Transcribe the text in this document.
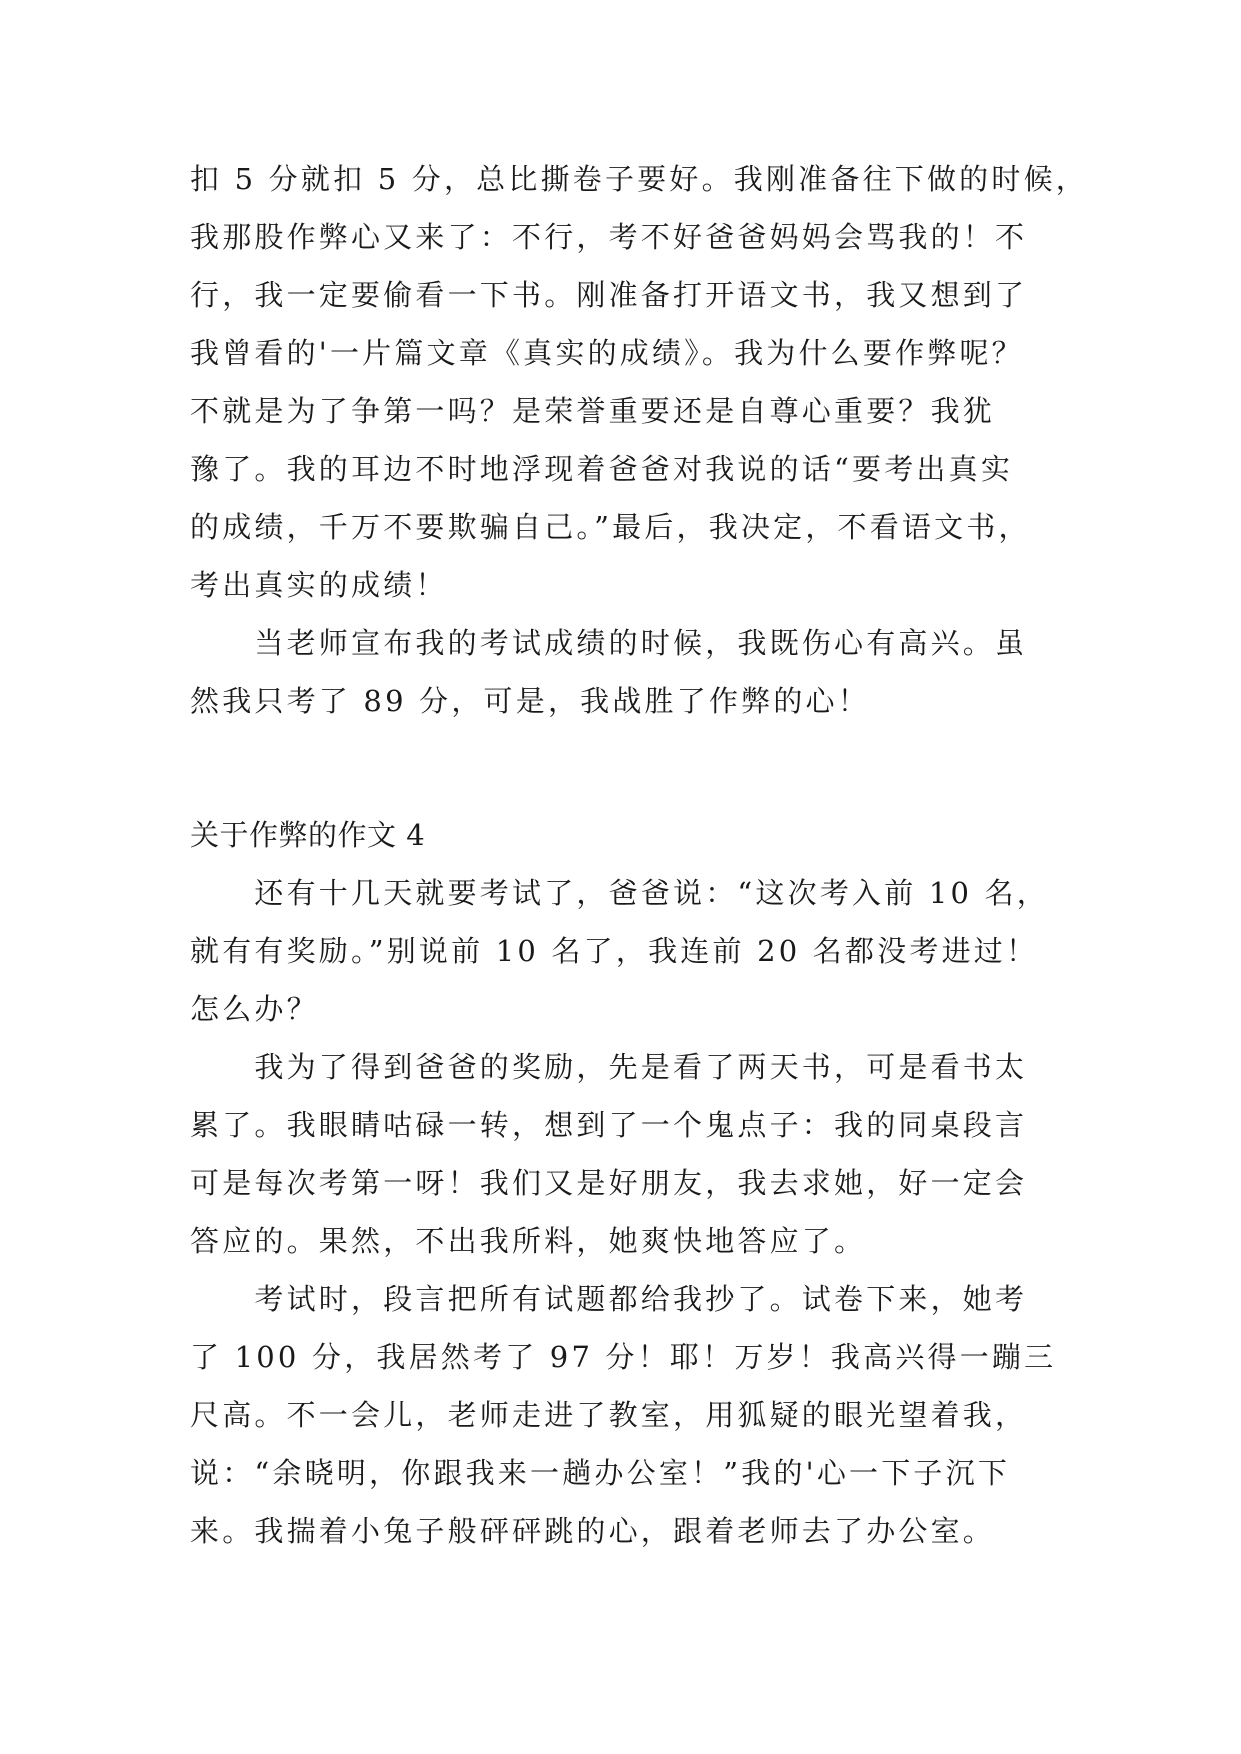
扣 5 分就扣 5 分，总比撕卷子要好。我刚准备往下做的时候，
我那股作弊心又来了：不行，考不好爸爸妈妈会骂我的！不
行，我一定要偷看一下书。刚准备打开语文书，我又想到了
我曾看的'一片篇文章《真实的成绩》。我为什么要作弊呢？
不就是为了争第一吗？是荣誉重要还是自尊心重要？我犹
豫了。我的耳边不时地浮现着爸爸对我说的话“要考出真实
的成绩，千万不要欺骗自己。”最后，我决定，不看语文书，
考出真实的成绩！
　　当老师宣布我的考试成绩的时候，我既伤心有高兴。虽
然我只考了 89 分，可是，我战胜了作弊的心！
关于作弊的作文 4
　　还有十几天就要考试了，爸爸说：“这次考入前 10 名，
就有有奖励。”别说前 10 名了，我连前 20 名都没考进过！
怎么办？
　　我为了得到爸爸的奖励，先是看了两天书，可是看书太
累了。我眼睛咕碌一转，想到了一个鬼点子：我的同桌段言
可是每次考第一呀！我们又是好朋友，我去求她，好一定会
答应的。果然，不出我所料，她爽快地答应了。
　　考试时，段言把所有试题都给我抄了。试卷下来，她考
了 100 分，我居然考了 97 分！耶！万岁！我高兴得一蹦三
尺高。不一会儿，老师走进了教室，用狐疑的眼光望着我，
说：“余晓明，你跟我来一趟办公室！”我的'心一下子沉下
来。我揣着小兔子般砰砰跳的心，跟着老师去了办公室。
